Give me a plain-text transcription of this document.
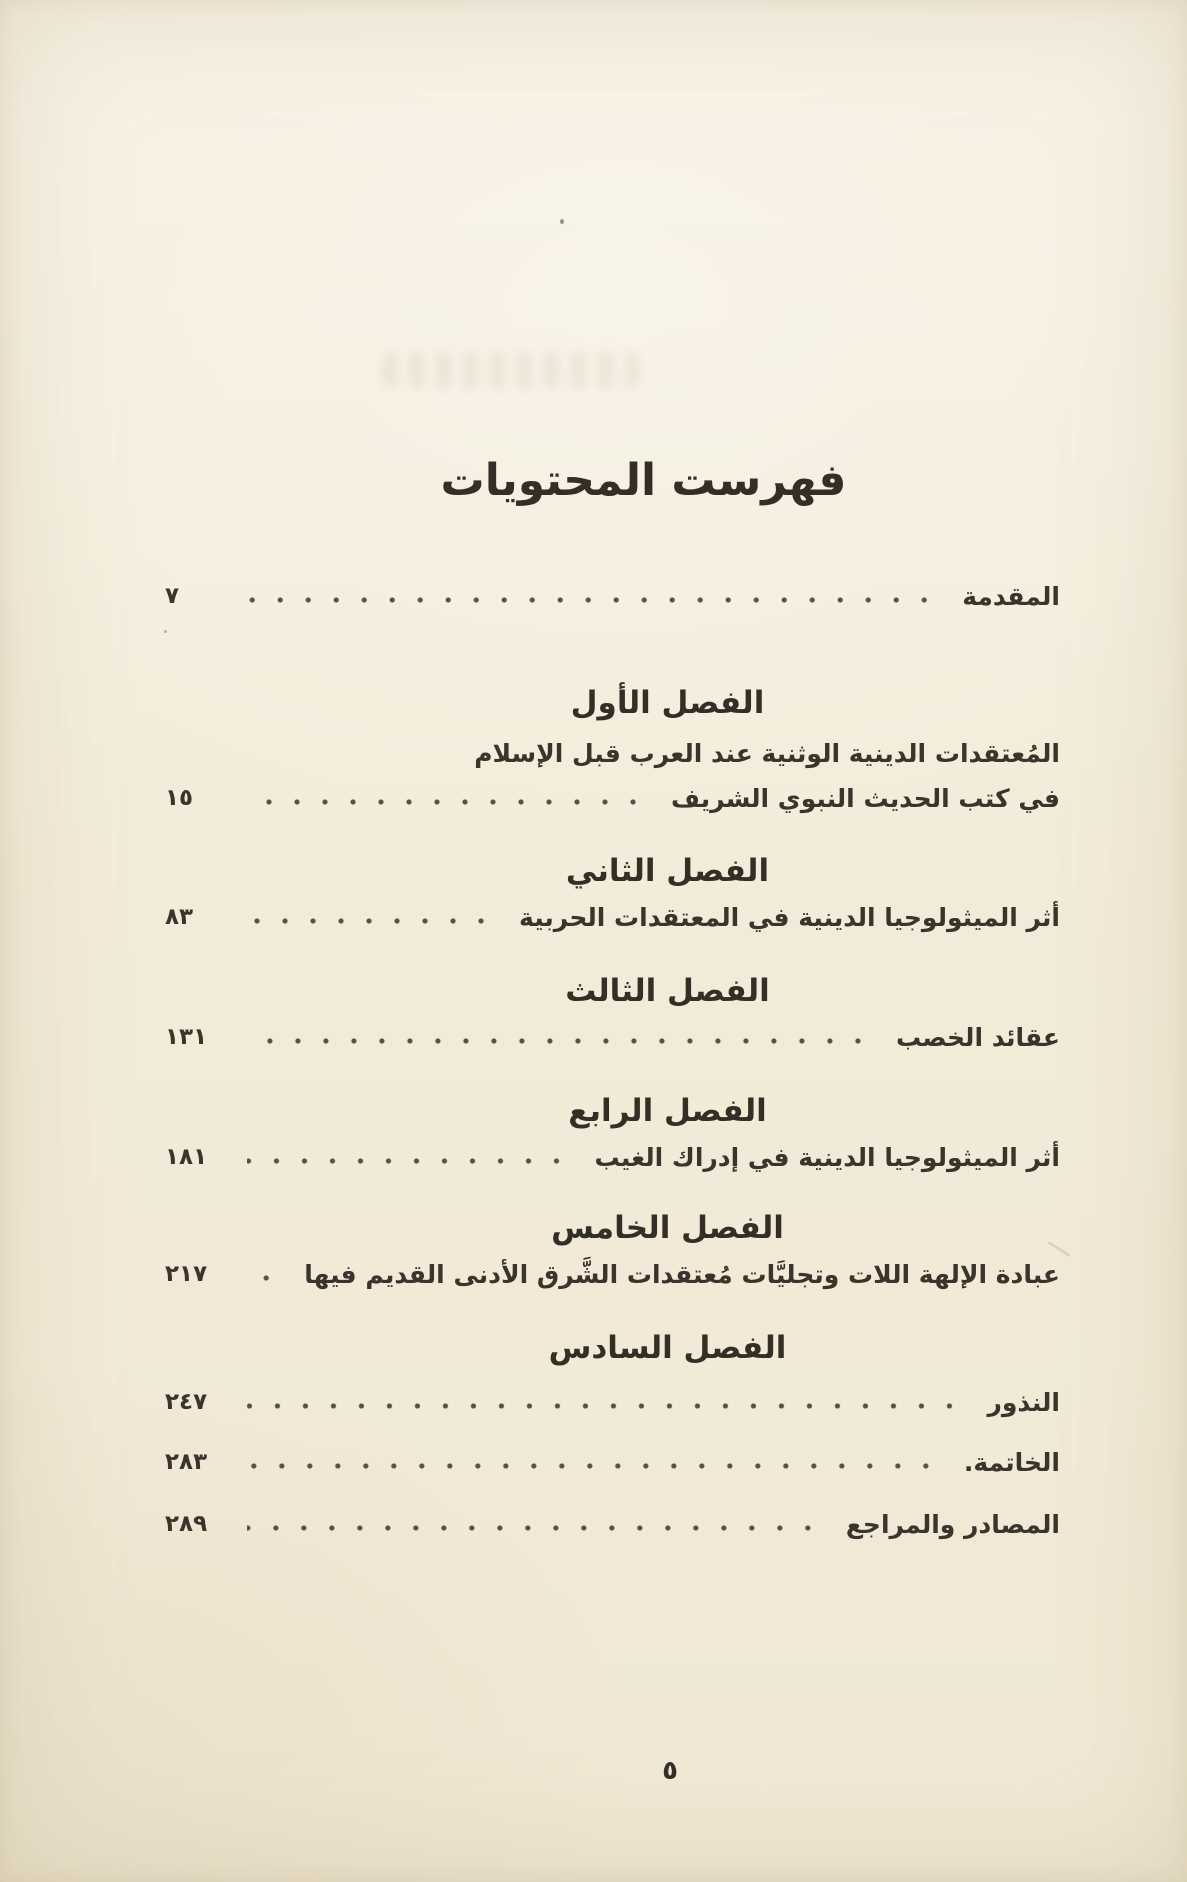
فهرست المحتويات
المقدمة
٧
الفصل الأول
المُعتقدات الدينية الوثنية عند العرب قبل الإسلام
في كتب الحديث النبوي الشريف
١٥
الفصل الثاني
أثر الميثولوجيا الدينية في المعتقدات الحربية
٨٣
الفصل الثالث
عقائد الخصب
١٣١
الفصل الرابع
أثر الميثولوجيا الدينية في إدراك الغيب
١٨١
الفصل الخامس
عبادة الإلهة اللات وتجليَّات مُعتقدات الشَّرق الأدنى القديم فيها
٢١٧
الفصل السادس
النذور
٢٤٧
الخاتمة.
٢٨٣
المصادر والمراجع
٢٨٩
٥
